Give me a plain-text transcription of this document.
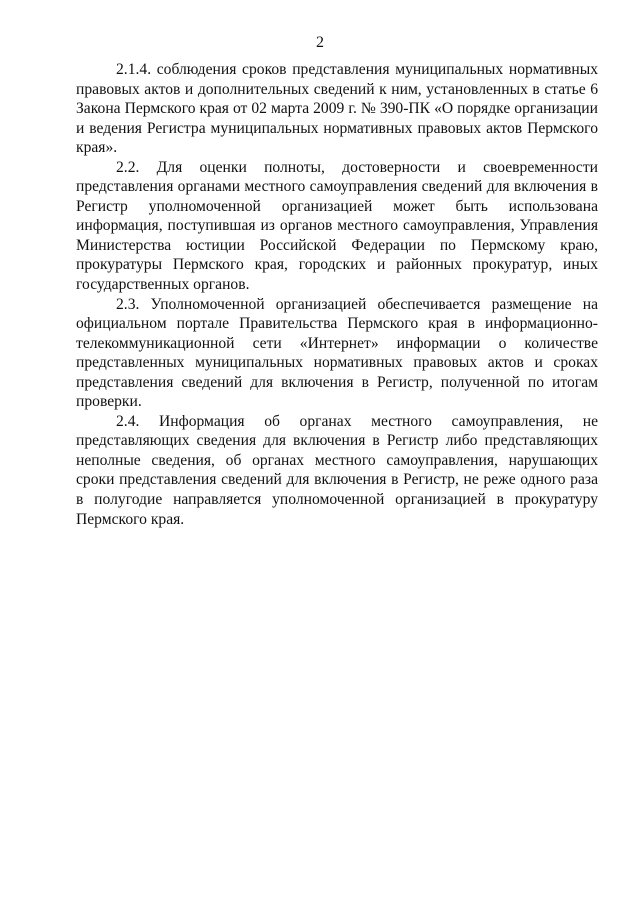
2

2.1.4. соблюдения сроков представления муниципальных нормативных правовых актов и дополнительных сведений к ним, установленных в статье 6 Закона Пермского края от 02 марта 2009 г. № 390-ПК «О порядке организации и ведения Регистра муниципальных нормативных правовых актов Пермского края».

2.2. Для оценки полноты, достоверности и своевременности представления органами местного самоуправления сведений для включения в Регистр уполномоченной организацией может быть использована информация, поступившая из органов местного самоуправления, Управления Министерства юстиции Российской Федерации по Пермскому краю, прокуратуры Пермского края, городских и районных прокуратур, иных государственных органов.

2.3. Уполномоченной организацией обеспечивается размещение на официальном портале Правительства Пермского края в информационно-телекоммуникационной сети «Интернет» информации о количестве представленных муниципальных нормативных правовых актов и сроках представления сведений для включения в Регистр, полученной по итогам проверки.

2.4. Информация об органах местного самоуправления, не представляющих сведения для включения в Регистр либо представляющих неполные сведения, об органах местного самоуправления, нарушающих сроки представления сведений для включения в Регистр, не реже одного раза в полугодие направляется уполномоченной организацией в прокуратуру Пермского края.
